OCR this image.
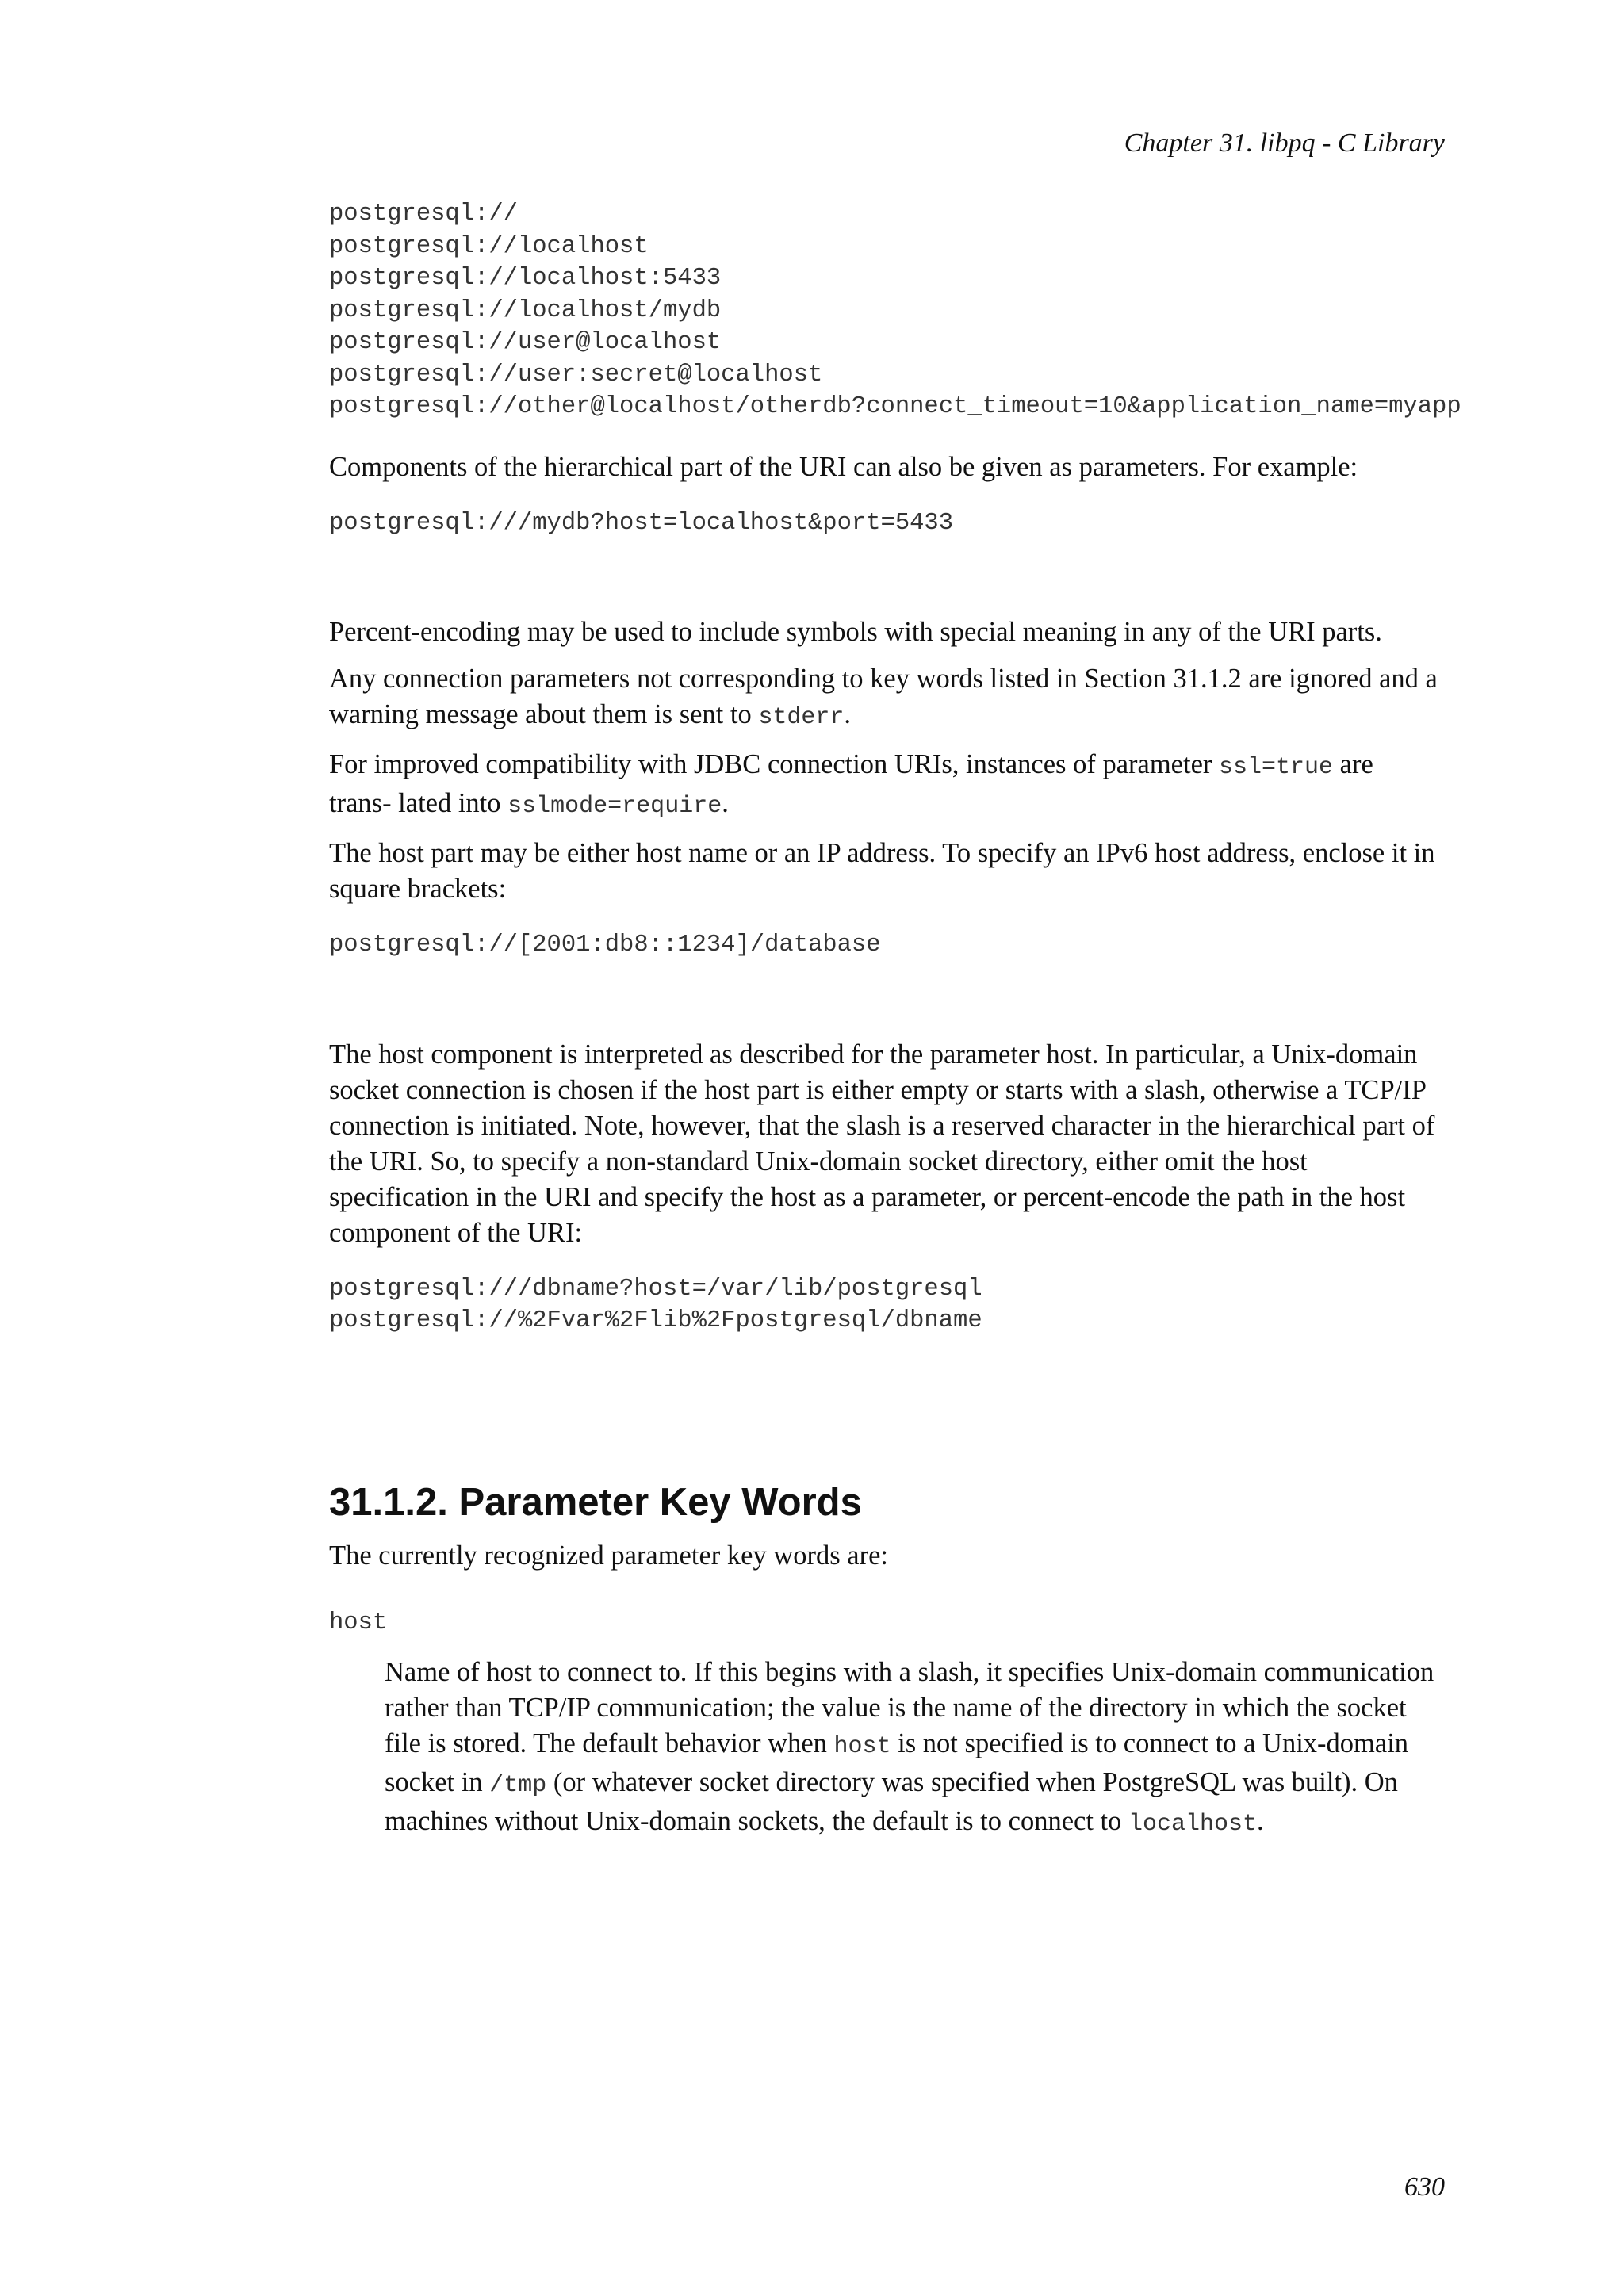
Chapter 31. libpq - C Library
postgresql://
postgresql://localhost
postgresql://localhost:5433
postgresql://localhost/mydb
postgresql://user@localhost
postgresql://user:secret@localhost
postgresql://other@localhost/otherdb?connect_timeout=10&application_name=myapp

Components of the hierarchical part of the URI can also be given as parameters. For example:

postgresql:///mydb?host=localhost&port=5433

Percent-encoding may be used to include symbols with special meaning in any of the URI parts.

Any connection parameters not corresponding to key words listed in Section 31.1.2 are ignored and a warning message about them is sent to stderr.

For improved compatibility with JDBC connection URIs, instances of parameter ssl=true are trans- lated into sslmode=require.

The host part may be either host name or an IP address. To specify an IPv6 host address, enclose it in square brackets:

postgresql://[2001:db8::1234]/database

The host component is interpreted as described for the parameter host. In particular, a Unix-domain socket connection is chosen if the host part is either empty or starts with a slash, otherwise a TCP/IP connection is initiated. Note, however, that the slash is a reserved character in the hierarchical part of the URI. So, to specify a non-standard Unix-domain socket directory, either omit the host specification in the URI and specify the host as a parameter, or percent-encode the path in the host component of the URI:

postgresql:///dbname?host=/var/lib/postgresql
postgresql://%2Fvar%2Flib%2Fpostgresql/dbname
31.1.2. Parameter Key Words

The currently recognized parameter key words are:

host

Name of host to connect to. If this begins with a slash, it specifies Unix-domain communication rather than TCP/IP communication; the value is the name of the directory in which the socket file is stored. The default behavior when host is not specified is to connect to a Unix-domain socket in /tmp (or whatever socket directory was specified when PostgreSQL was built). On machines without Unix-domain sockets, the default is to connect to localhost.

630
